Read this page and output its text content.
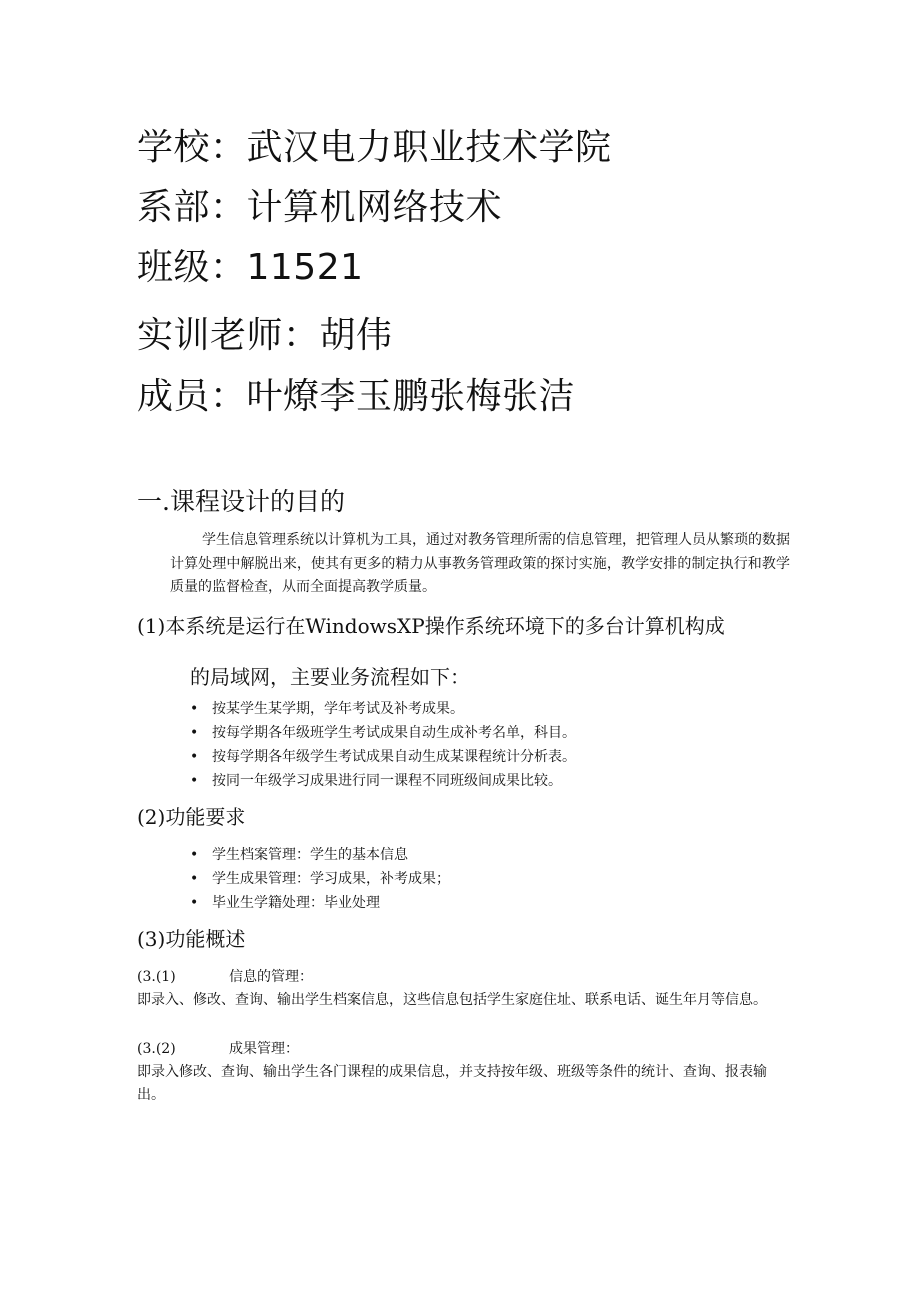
学校：武汉电力职业技术学院
系部：计算机网络技术
班级：11521
实训老师：胡伟
成员：叶燎李玉鹏张梅张洁
一.课程设计的目的
学生信息管理系统以计算机为工具，通过对教务管理所需的信息管理，把管理人员从繁琐的数据计算处理中解脱出来，使其有更多的精力从事教务管理政策的探讨实施，教学安排的制定执行和教学质量的监督检查，从而全面提高教学质量。
(1)本系统是运行在WindowsXP操作系统环境下的多台计算机构成
的局域网，主要业务流程如下：
• 按某学生某学期，学年考试及补考成果。
• 按每学期各年级班学生考试成果自动生成补考名单，科目。
• 按每学期各年级学生考试成果自动生成某课程统计分析表。
• 按同一年级学习成果进行同一课程不同班级间成果比较。
(2)功能要求
• 学生档案管理：学生的基本信息
• 学生成果管理：学习成果，补考成果；
• 毕业生学籍处理：毕业处理
(3)功能概述
(3.(1)	信息的管理：
即录入、修改、查询、输出学生档案信息，这些信息包括学生家庭住址、联系电话、诞生年月等信息。
(3.(2)	成果管理：
即录入修改、查询、输出学生各门课程的成果信息，并支持按年级、班级等条件的统计、查询、报表输出。
